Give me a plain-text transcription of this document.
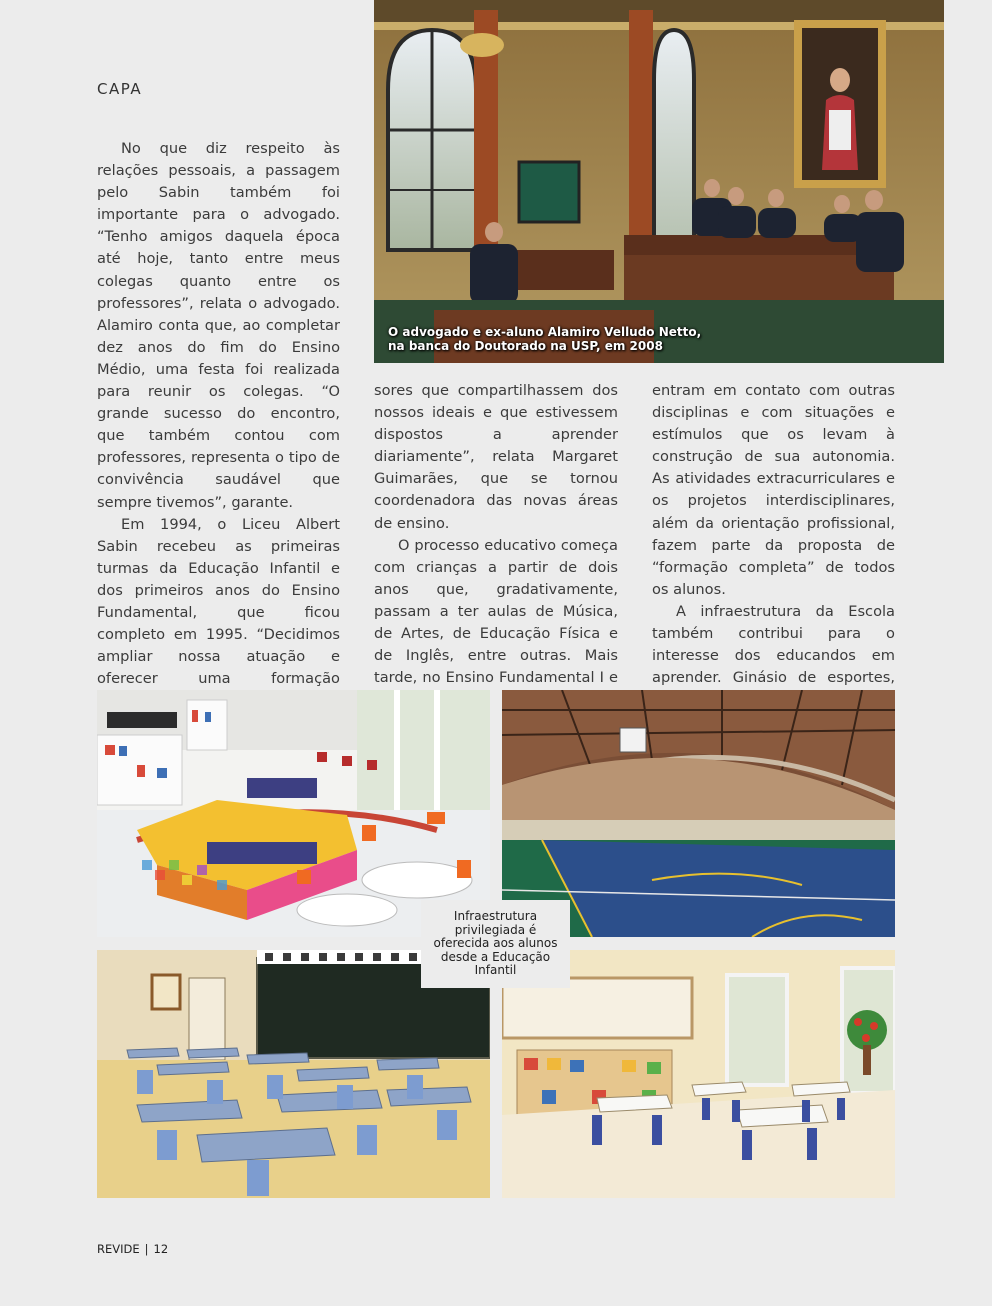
CAPA

No que diz respeito às relações pessoais, a passagem pelo Sabin também foi importante para o advogado. “Tenho amigos daquela época até hoje, tanto entre meus colegas quanto entre os professores”, relata o advogado. Alamiro conta que, ao completar dez anos do fim do Ensino Médio, uma festa foi realizada para reunir os colegas. “O grande sucesso do encontro, que também contou com professores, representa o tipo de convivência saudável que sempre tivemos”, garante.

Em 1994, o Liceu Albert Sabin recebeu as primeiras turmas da Educação Infantil e dos primeiros anos do Ensino Fundamental, que ficou completo em 1995. “Decidimos ampliar nossa atuação e oferecer uma formação

sores que compartilhassem dos nossos ideais e que estivessem dispostos a aprender diariamente”, relata Margaret Guimarães, que se tornou coordenadora das novas áreas de ensino.

O processo educativo começa com crianças a partir de dois anos que, gradativamente, passam a ter aulas de Música, de Artes, de Educação Física e de Inglês, entre outras. Mais tarde, no Ensino Fundamental I e

entram em contato com outras disciplinas e com situações e estímulos que os levam à construção de sua autonomia. As atividades extracurriculares e os projetos interdisciplinares, além da orientação profissional, fazem parte da proposta de “formação completa” de todos os alunos.

A infraestrutura da Escola também contribui para o interesse dos educandos em aprender. Ginásio de esportes,

O advogado e ex-aluno Alamiro Velludo Netto,
na banca do Doutorado na USP, em 2008
Infraestrutura
privilegiada é
oferecida aos alunos
desde a Educação
Infantil
REVIDE | 12
